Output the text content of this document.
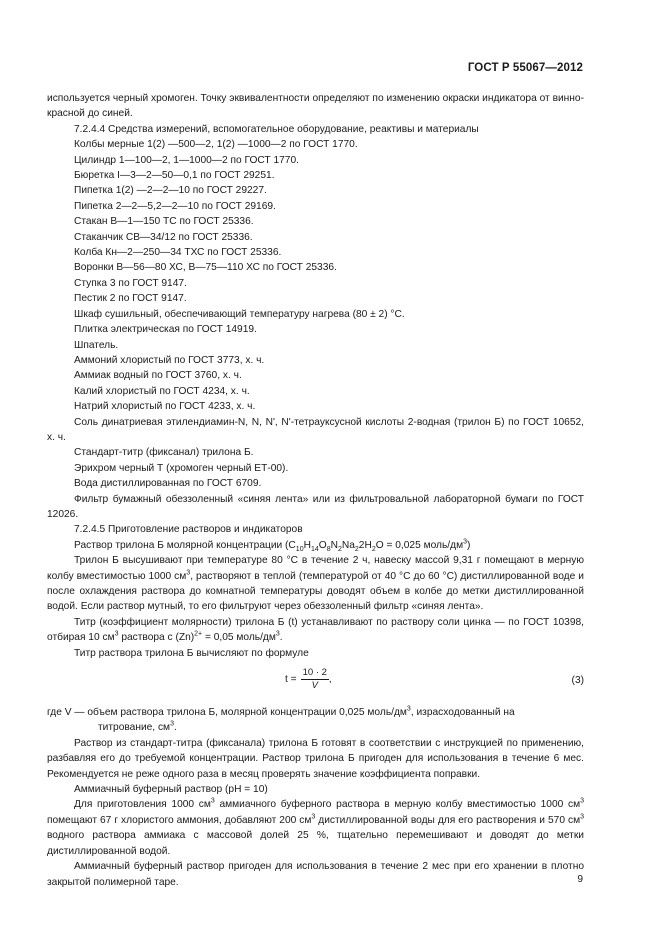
ГОСТ Р 55067—2012

используется черный хромоген. Точку эквивалентности определяют по изменению окраски индикатора от винно-красной до синей.

7.2.4.4 Средства измерений, вспомогательное оборудование, реактивы и материалы

Колбы мерные 1(2) —500—2, 1(2) —1000—2 по ГОСТ 1770.

Цилиндр 1—100—2, 1—1000—2 по ГОСТ 1770.

Бюретка I—3—2—50—0,1 по ГОСТ 29251.

Пипетка 1(2) —2—2—10 по ГОСТ 29227.

Пипетка 2—2—5,2—2—10 по ГОСТ 29169.

Стакан В—1—150 ТС по ГОСТ 25336.

Стаканчик СВ—34/12 по ГОСТ 25336.

Колба Кн—2—250—34 ТХС по ГОСТ 25336.

Воронки В—56—80 ХС, В—75—110 ХС по ГОСТ 25336.

Ступка 3 по ГОСТ 9147.

Пестик 2 по ГОСТ 9147.

Шкаф сушильный, обеспечивающий температуру нагрева (80 ± 2) °С.

Плитка электрическая по ГОСТ 14919.

Шпатель.

Аммоний хлористый по ГОСТ 3773, х. ч.

Аммиак водный по ГОСТ 3760, х. ч.

Калий хлористый по ГОСТ 4234, х. ч.

Натрий хлористый по ГОСТ 4233, х. ч.

Соль динатриевая этилендиамин-N, N, N', N'-тетрауксусной кислоты 2-водная (трилон Б) по ГОСТ 10652, х. ч.

Стандарт-титр (фиксанал) трилона Б.

Эрихром черный Т (хромоген черный ЕТ-00).

Вода дистиллированная по ГОСТ 6709.

Фильтр бумажный обеззоленный «синяя лента» или из фильтровальной лабораторной бумаги по ГОСТ 12026.

7.2.4.5 Приготовление растворов и индикаторов

Раствор трилона Б молярной концентрации ($C_{10}H_{14}O_8N_2Na_22H_2O = 0,025$ моль/$дм^3$)

Трилон Б высушивают при температуре 80 °С в течение 2 ч, навеску массой 9,31 г помещают в мерную колбу вместимостью 1000 $см^3$, растворяют в теплой (температурой от 40 °С до 60 °С) дистиллированной воде и после охлаждения раствора до комнатной температуры доводят объем в колбе до метки дистиллированной водой. Если раствор мутный, то его фильтруют через обеззоленный фильтр «синяя лента».

Титр (коэффициент молярности) трилона Б (t) устанавливают по раствору соли цинка — по ГОСТ 10398, отбирая 10 $см^3$ раствора с $(Zn)^{2+} = 0,05$ моль/$дм^3$.

Титр раствора трилона Б вычисляют по формуле

$t = \frac{10 \cdot 2}{V}$ ,	(3)

где V — объем раствора трилона Б, молярной концентрации 0,025 моль/$дм^3$, израсходованный на

титрование, $см^3$.

Раствор из стандарт-титра (фиксанала) трилона Б готовят в соответствии с инструкцией по применению, разбавляя его до требуемой концентрации. Раствор трилона Б пригоден для использования в течение 6 мес. Рекомендуется не реже одного раза в месяц проверять значение коэффициента поправки.

Аммиачный буферный раствор (pH = 10)

Для приготовления 1000 $см^3$ аммиачного буферного раствора в мерную колбу вместимостью 1000 $см^3$ помещают 67 г хлористого аммония, добавляют 200 $см^3$ дистиллированной воды для его растворения и 570 $см^3$ водного раствора аммиака с массовой долей 25 %, тщательно перемешивают и доводят до метки дистиллированной водой.

Аммиачный буферный раствор пригоден для использования в течение 2 мес при его хранении в плотно закрытой полимерной таре.	9
